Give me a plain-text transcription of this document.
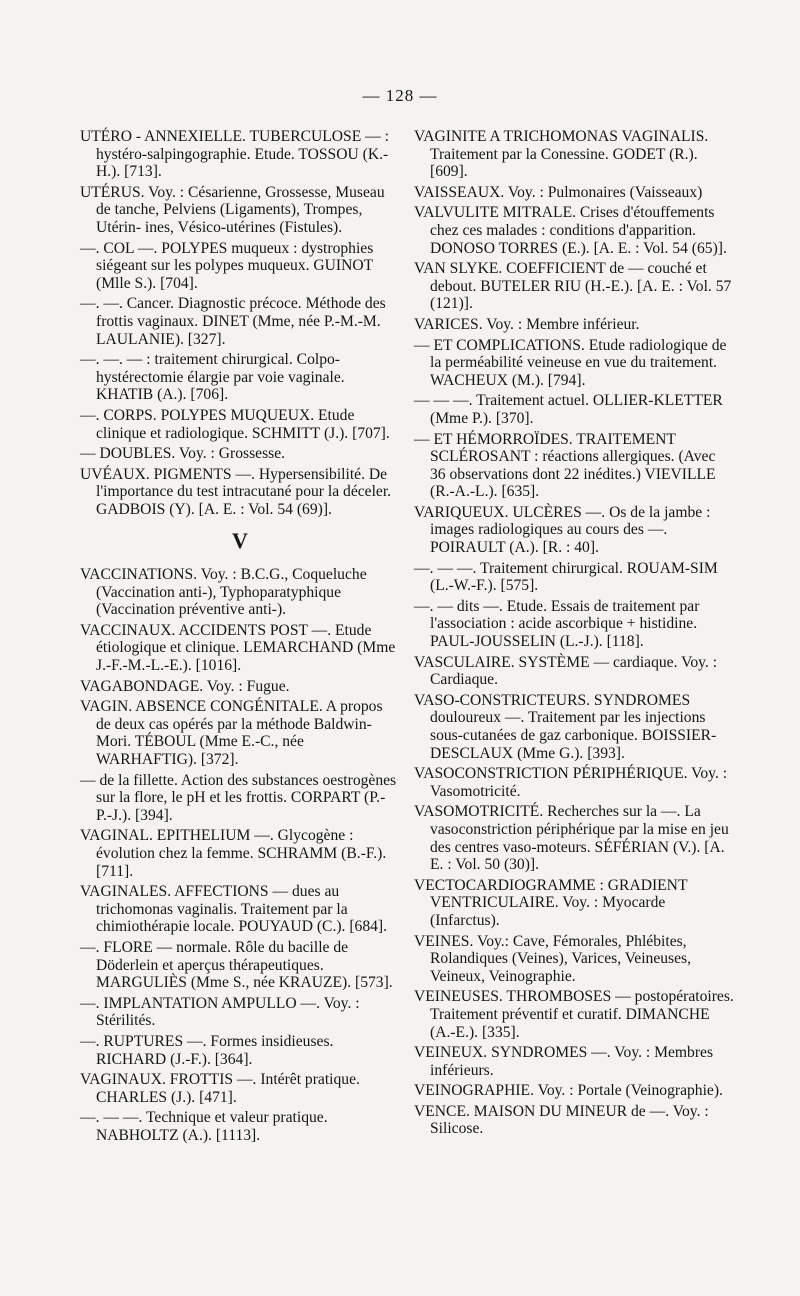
— 128 —

UTÉRO - ANNEXIELLE. TUBERCULOSE — : hystéro-salpingographie. Etude. TOSSOU (K.-H.). [713].

UTÉRUS. Voy. : Césarienne, Grossesse, Museau de tanche, Pelviens (Ligaments), Trompes, Utérin- ines, Vésico-utérines (Fistules).

—. COL —. POLYPES muqueux : dystrophies siégeant sur les polypes muqueux. GUINOT (Mlle S.). [704].

—. —. Cancer. Diagnostic précoce. Méthode des frottis vaginaux. DINET (Mme, née P.-M.-M. LAULANIE). [327].

—. —. — : traitement chirurgical. Colpo-hystérectomie élargie par voie vaginale. KHATIB (A.). [706].

—. CORPS. POLYPES MUQUEUX. Etude clinique et radiologique. SCHMITT (J.). [707].

— DOUBLES. Voy. : Grossesse.

UVÉAUX. PIGMENTS —. Hypersensibilité. De l'importance du test intracutané pour la déceler. GADBOIS (Y). [A. E. : Vol. 54 (69)].

V

VACCINATIONS. Voy. : B.C.G., Coqueluche (Vaccination anti-), Typhoparatyphique (Vaccination préventive anti-).

VACCINAUX. ACCIDENTS POST —. Etude étiologique et clinique. LEMARCHAND (Mme J.-F.-M.-L.-E.). [1016].

VAGABONDAGE. Voy. : Fugue.

VAGIN. ABSENCE CONGÉNITALE. A propos de deux cas opérés par la méthode Baldwin-Mori. TÉBOUL (Mme E.-C., née WARHAFTIG). [372].

— de la fillette. Action des substances oestrogènes sur la flore, le pH et les frottis. CORPART (P.-P.-J.). [394].

VAGINAL. EPITHELIUM —. Glycogène : évolution chez la femme. SCHRAMM (B.-F.). [711].

VAGINALES. AFFECTIONS — dues au trichomonas vaginalis. Traitement par la chimiothérapie locale. POUYAUD (C.). [684].

—. FLORE — normale. Rôle du bacille de Döderlein et aperçus thérapeutiques. MARGULIÈS (Mme S., née KRAUZE). [573].

—. IMPLANTATION AMPULLO —. Voy. : Stérilités.

—. RUPTURES —. Formes insidieuses. RICHARD (J.-F.). [364].

VAGINAUX. FROTTIS —. Intérêt pratique. CHARLES (J.). [471].

—. — —. Technique et valeur pratique. NABHOLTZ (A.). [1113].

VAGINITE A TRICHOMONAS VAGINALIS. Traitement par la Conessine. GODET (R.). [609].

VAISSEAUX. Voy. : Pulmonaires (Vaisseaux)

VALVULITE MITRALE. Crises d'étouffements chez ces malades : conditions d'apparition. DONOSO TORRES (E.). [A. E. : Vol. 54 (65)].

VAN SLYKE. COEFFICIENT de — couché et debout. BUTELER RIU (H.-E.). [A. E. : Vol. 57 (121)].

VARICES. Voy. : Membre inférieur.

— ET COMPLICATIONS. Etude radiologique de la perméabilité veineuse en vue du traitement. WACHEUX (M.). [794].

— — —. Traitement actuel. OLLIER-KLETTER (Mme P.). [370].

— ET HÉMORROÏDES. TRAITEMENT SCLÉROSANT : réactions allergiques. (Avec 36 observations dont 22 inédites.) VIEVILLE (R.-A.-L.). [635].

VARIQUEUX. ULCÈRES —. Os de la jambe : images radiologiques au cours des —. POIRAULT (A.). [R. : 40].

—. — —. Traitement chirurgical. ROUAM-SIM (L.-W.-F.). [575].

—. — dits —. Etude. Essais de traitement par l'association : acide ascorbique + histidine. PAUL-JOUSSELIN (L.-J.). [118].

VASCULAIRE. SYSTÈME — cardiaque. Voy. : Cardiaque.

VASO-CONSTRICTEURS. SYNDROMES douloureux —. Traitement par les injections sous-cutanées de gaz carbonique. BOISSIER-DESCLAUX (Mme G.). [393].

VASOCONSTRICTION PÉRIPHÉRIQUE. Voy. : Vasomotricité.

VASOMOTRICITÉ. Recherches sur la —. La vasoconstriction périphérique par la mise en jeu des centres vaso-moteurs. SÉFÉRIAN (V.). [A. E. : Vol. 50 (30)].

VECTOCARDIOGRAMME : GRADIENT VENTRICULAIRE. Voy. : Myocarde (Infarctus).

VEINES. Voy.: Cave, Fémorales, Phlébites, Rolandiques (Veines), Varices, Veineuses, Veineux, Veinographie.

VEINEUSES. THROMBOSES — postopératoires. Traitement préventif et curatif. DIMANCHE (A.-E.). [335].

VEINEUX. SYNDROMES —. Voy. : Membres inférieurs.

VEINOGRAPHIE. Voy. : Portale (Veinographie).

VENCE. MAISON DU MINEUR de —. Voy. : Silicose.
